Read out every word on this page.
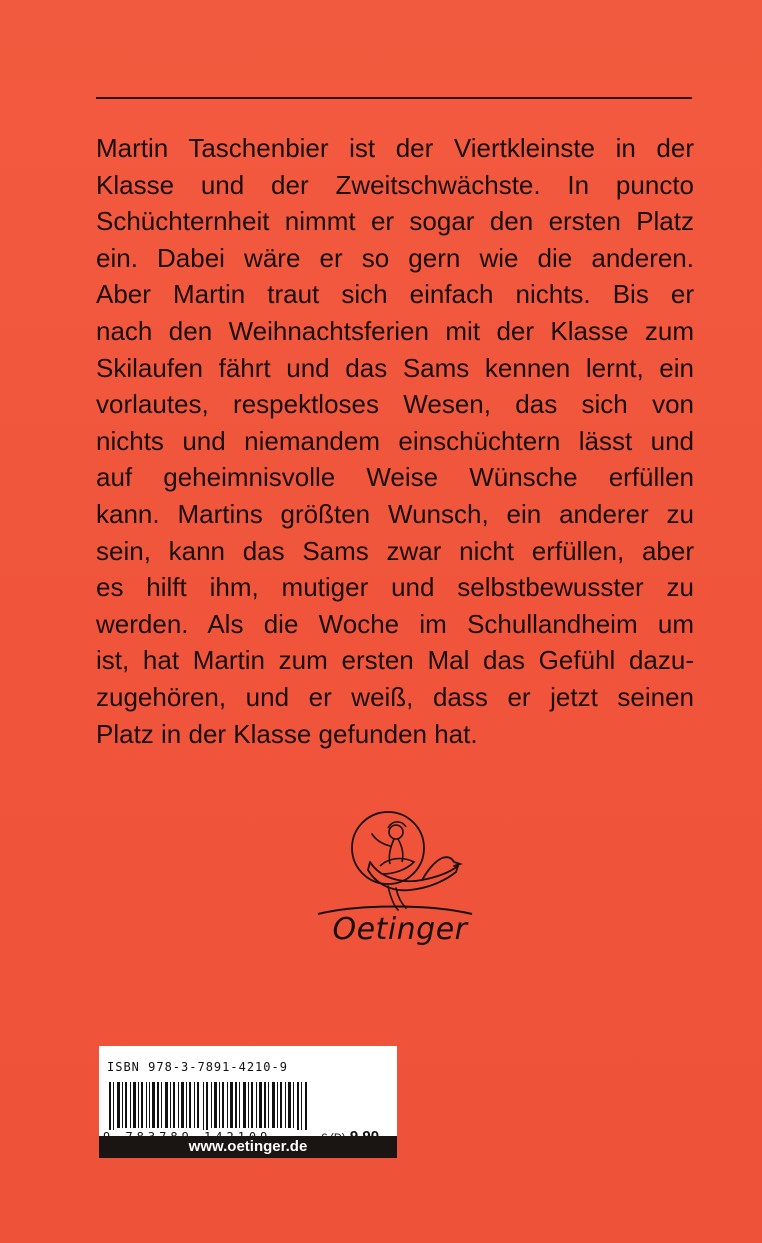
Martin Taschenbier ist der Viertkleinste in der
Klasse und der Zweitschwächste. In puncto
Schüchternheit nimmt er sogar den ersten Platz
ein. Dabei wäre er so gern wie die anderen.
Aber Martin traut sich einfach nichts. Bis er
nach den Weihnachtsferien mit der Klasse zum
Skilaufen fährt und das Sams kennen lernt, ein
vorlautes, respektloses Wesen, das sich von
nichts und niemandem einschüchtern lässt und
auf geheimnisvolle Weise Wünsche erfüllen
kann. Martins größten Wunsch, ein anderer zu
sein, kann das Sams zwar nicht erfüllen, aber
es hilft ihm, mutiger und selbstbewusster zu
werden. Als die Woche im Schullandheim um
ist, hat Martin zum ersten Mal das Gefühl dazu-
zugehören, und er weiß, dass er jetzt seinen
Platz in der Klasse gefunden hat.
Oetinger
ISBN 978-3-7891-4210-9
www.oetinger.de
